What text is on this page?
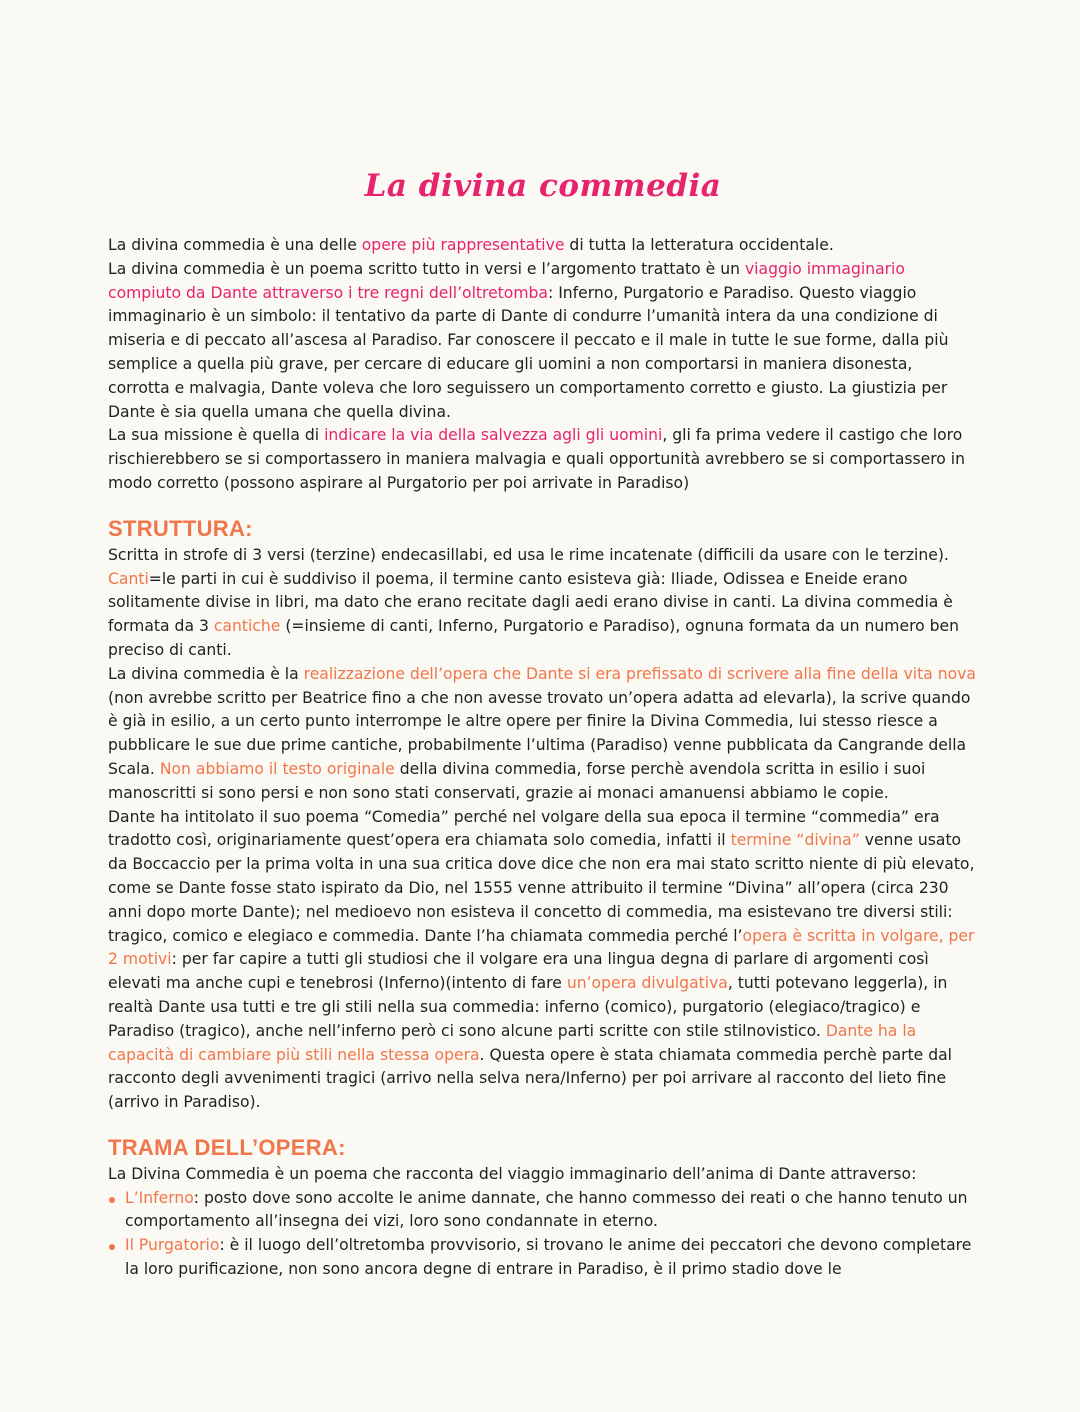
La divina commedia

La divina commedia è una delle opere più rappresentative di tutta la letteratura occidentale.

La divina commedia è un poema scritto tutto in versi e l’argomento trattato è un viaggio immaginario compiuto da Dante attraverso i tre regni dell’oltretomba: Inferno, Purgatorio e Paradiso. Questo viaggio immaginario è un simbolo: il tentativo da parte di Dante di condurre l’umanità intera da una condizione di miseria e di peccato all’ascesa al Paradiso. Far conoscere il peccato e il male in tutte le sue forme, dalla più semplice a quella più grave, per cercare di educare gli uomini a non comportarsi in maniera disonesta, corrotta e malvagia, Dante voleva che loro seguissero un comportamento corretto e giusto. La giustizia per Dante è sia quella umana che quella divina.

La sua missione è quella di indicare la via della salvezza agli gli uomini, gli fa prima vedere il castigo che loro rischierebbero se si comportassero in maniera malvagia e quali opportunità avrebbero se si comportassero in modo corretto (possono aspirare al Purgatorio per poi arrivate in Paradiso)

STRUTTURA:

Scritta in strofe di 3 versi (terzine) endecasillabi, ed usa le rime incatenate (difficili da usare con le terzine).

Canti=le parti in cui è suddiviso il poema, il termine canto esisteva già: Iliade, Odissea e Eneide erano solitamente divise in libri, ma dato che erano recitate dagli aedi erano divise in canti. La divina commedia è formata da 3 cantiche (=insieme di canti, Inferno, Purgatorio e Paradiso), ognuna formata da un numero ben preciso di canti.

La divina commedia è la realizzazione dell’opera che Dante si era prefissato di scrivere alla fine della vita nova (non avrebbe scritto per Beatrice fino a che non avesse trovato un’opera adatta ad elevarla), la scrive quando è già in esilio, a un certo punto interrompe le altre opere per finire la Divina Commedia, lui stesso riesce a pubblicare le sue due prime cantiche, probabilmente l’ultima (Paradiso) venne pubblicata da Cangrande della Scala. Non abbiamo il testo originale della divina commedia, forse perchè avendola scritta in esilio i suoi manoscritti si sono persi e non sono stati conservati, grazie ai monaci amanuensi abbiamo le copie.

Dante ha intitolato il suo poema “Comedia” perché nel volgare della sua epoca il termine “commedia” era tradotto così, originariamente quest’opera era chiamata solo comedia, infatti il termine “divina” venne usato da Boccaccio per la prima volta in una sua critica dove dice che non era mai stato scritto niente di più elevato, come se Dante fosse stato ispirato da Dio, nel 1555 venne attribuito il termine “Divina” all’opera (circa 230 anni dopo morte Dante); nel medioevo non esisteva il concetto di commedia, ma esistevano tre diversi stili: tragico, comico e elegiaco e commedia. Dante l’ha chiamata commedia perché l’opera è scritta in volgare, per 2 motivi: per far capire a tutti gli studiosi che il volgare era una lingua degna di parlare di argomenti così elevati ma anche cupi e tenebrosi (Inferno)(intento di fare un’opera divulgativa, tutti potevano leggerla), in realtà Dante usa tutti e tre gli stili nella sua commedia: inferno (comico), purgatorio (elegiaco/tragico) e Paradiso (tragico), anche nell’inferno però ci sono alcune parti scritte con stile stilnovistico. Dante ha la capacità di cambiare più stili nella stessa opera. Questa opere è stata chiamata commedia perchè parte dal racconto degli avvenimenti tragici (arrivo nella selva nera/Inferno) per poi arrivare al racconto del lieto fine (arrivo in Paradiso).

TRAMA DELL’OPERA:

La Divina Commedia è un poema che racconta del viaggio immaginario dell’anima di Dante attraverso:

L’Inferno: posto dove sono accolte le anime dannate, che hanno commesso dei reati o che hanno tenuto un comportamento all’insegna dei vizi, loro sono condannate in eterno.
Il Purgatorio: è il luogo dell’oltretomba provvisorio, si trovano le anime dei peccatori che devono completare la loro purificazione, non sono ancora degne di entrare in Paradiso, è il primo stadio dove le
